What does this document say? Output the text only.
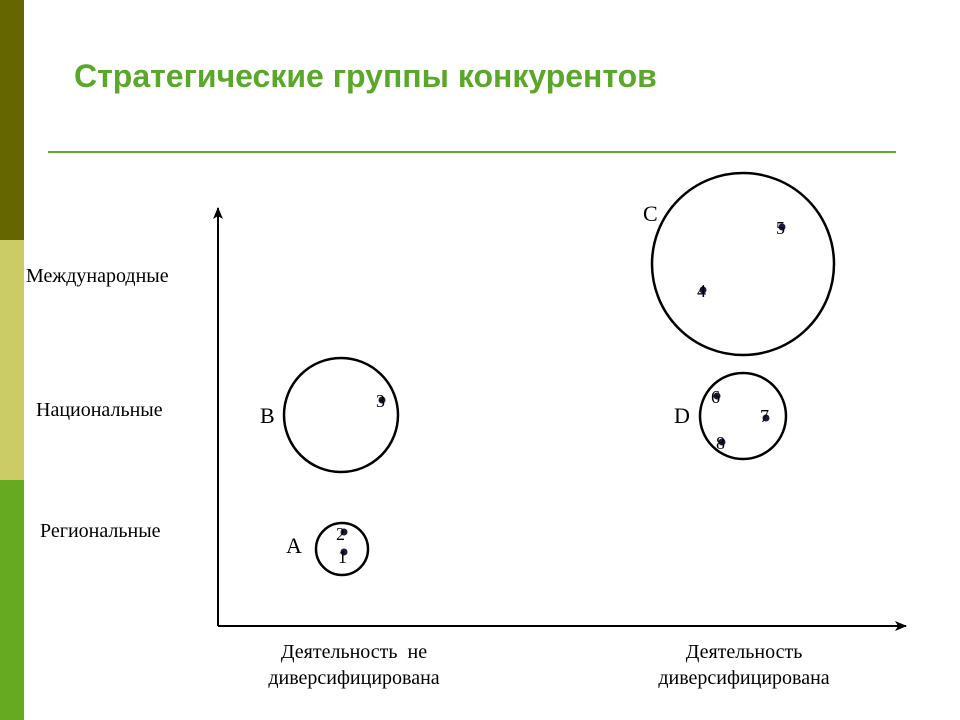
Стратегические группы конкурентов
Международные
Национальные
Региональные
Деятельность  не
диверсифицирована
Деятельность
диверсифицирована
A 2
1
B
3
C
5
4
D
6
7
8
